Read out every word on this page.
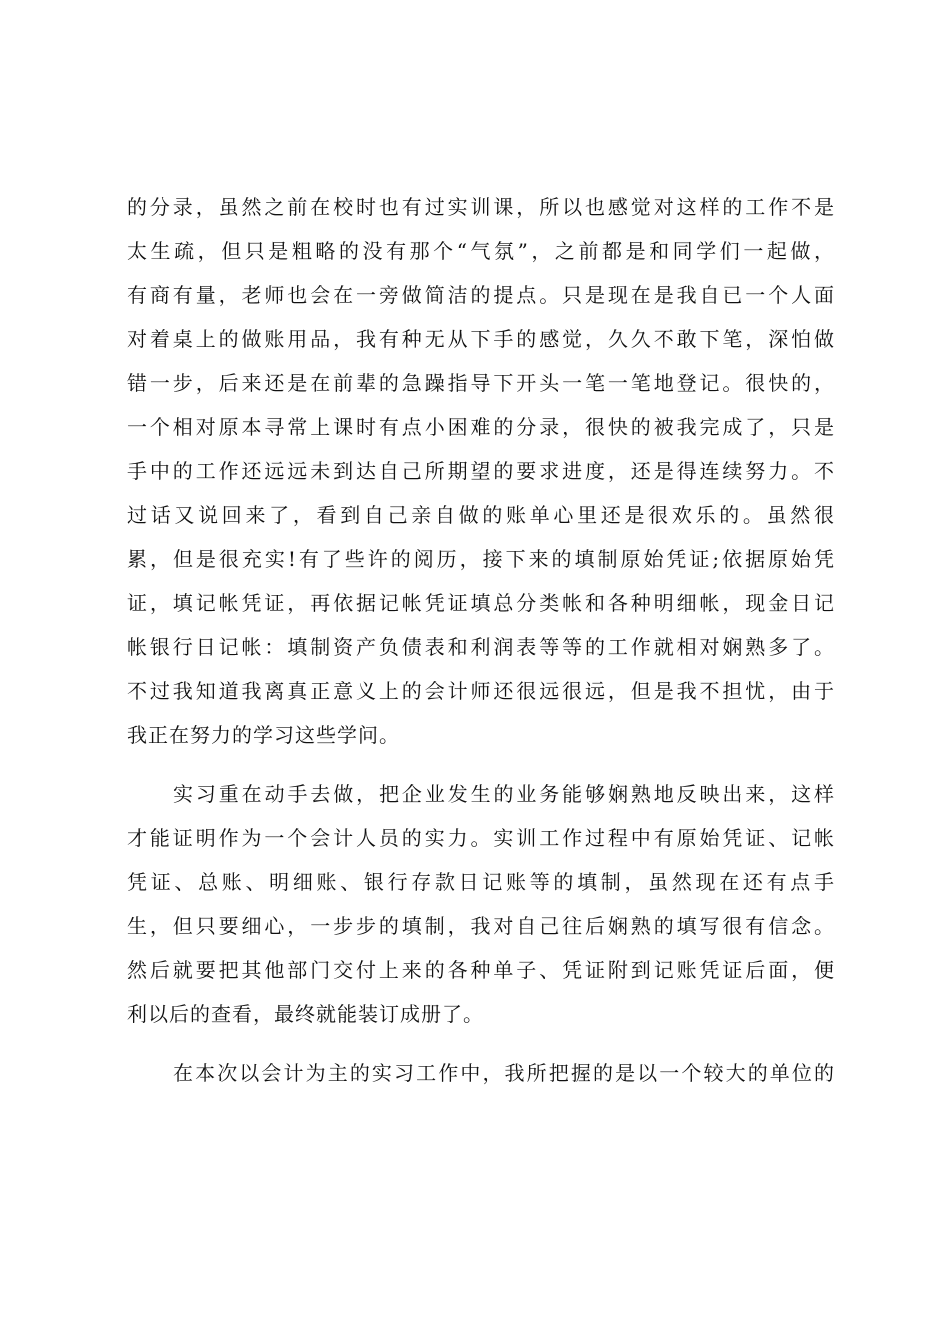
的分录，虽然之前在校时也有过实训课，所以也感觉对这样的工作不是
太生疏，但只是粗略的没有那个“气氛”，之前都是和同学们一起做，
有商有量，老师也会在一旁做简洁的提点。只是现在是我自已一个人面
对着桌上的做账用品，我有种无从下手的感觉，久久不敢下笔，深怕做
错一步，后来还是在前辈的急躁指导下开头一笔一笔地登记。很快的，
一个相对原本寻常上课时有点小困难的分录，很快的被我完成了，只是
手中的工作还远远未到达自己所期望的要求进度，还是得连续努力。不
过话又说回来了，看到自己亲自做的账单心里还是很欢乐的。虽然很
累，但是很充实!有了些许的阅历，接下来的填制原始凭证;依据原始凭
证，填记帐凭证，再依据记帐凭证填总分类帐和各种明细帐，现金日记
帐银行日记帐：填制资产负债表和利润表等等的工作就相对娴熟多了。
不过我知道我离真正意义上的会计师还很远很远，但是我不担忧，由于
我正在努力的学习这些学问。
实习重在动手去做，把企业发生的业务能够娴熟地反映出来，这样
才能证明作为一个会计人员的实力。实训工作过程中有原始凭证、记帐
凭证、总账、明细账、银行存款日记账等的填制，虽然现在还有点手
生，但只要细心，一步步的填制，我对自己往后娴熟的填写很有信念。
然后就要把其他部门交付上来的各种单子、凭证附到记账凭证后面，便
利以后的查看，最终就能装订成册了。
在本次以会计为主的实习工作中，我所把握的是以一个较大的单位的
